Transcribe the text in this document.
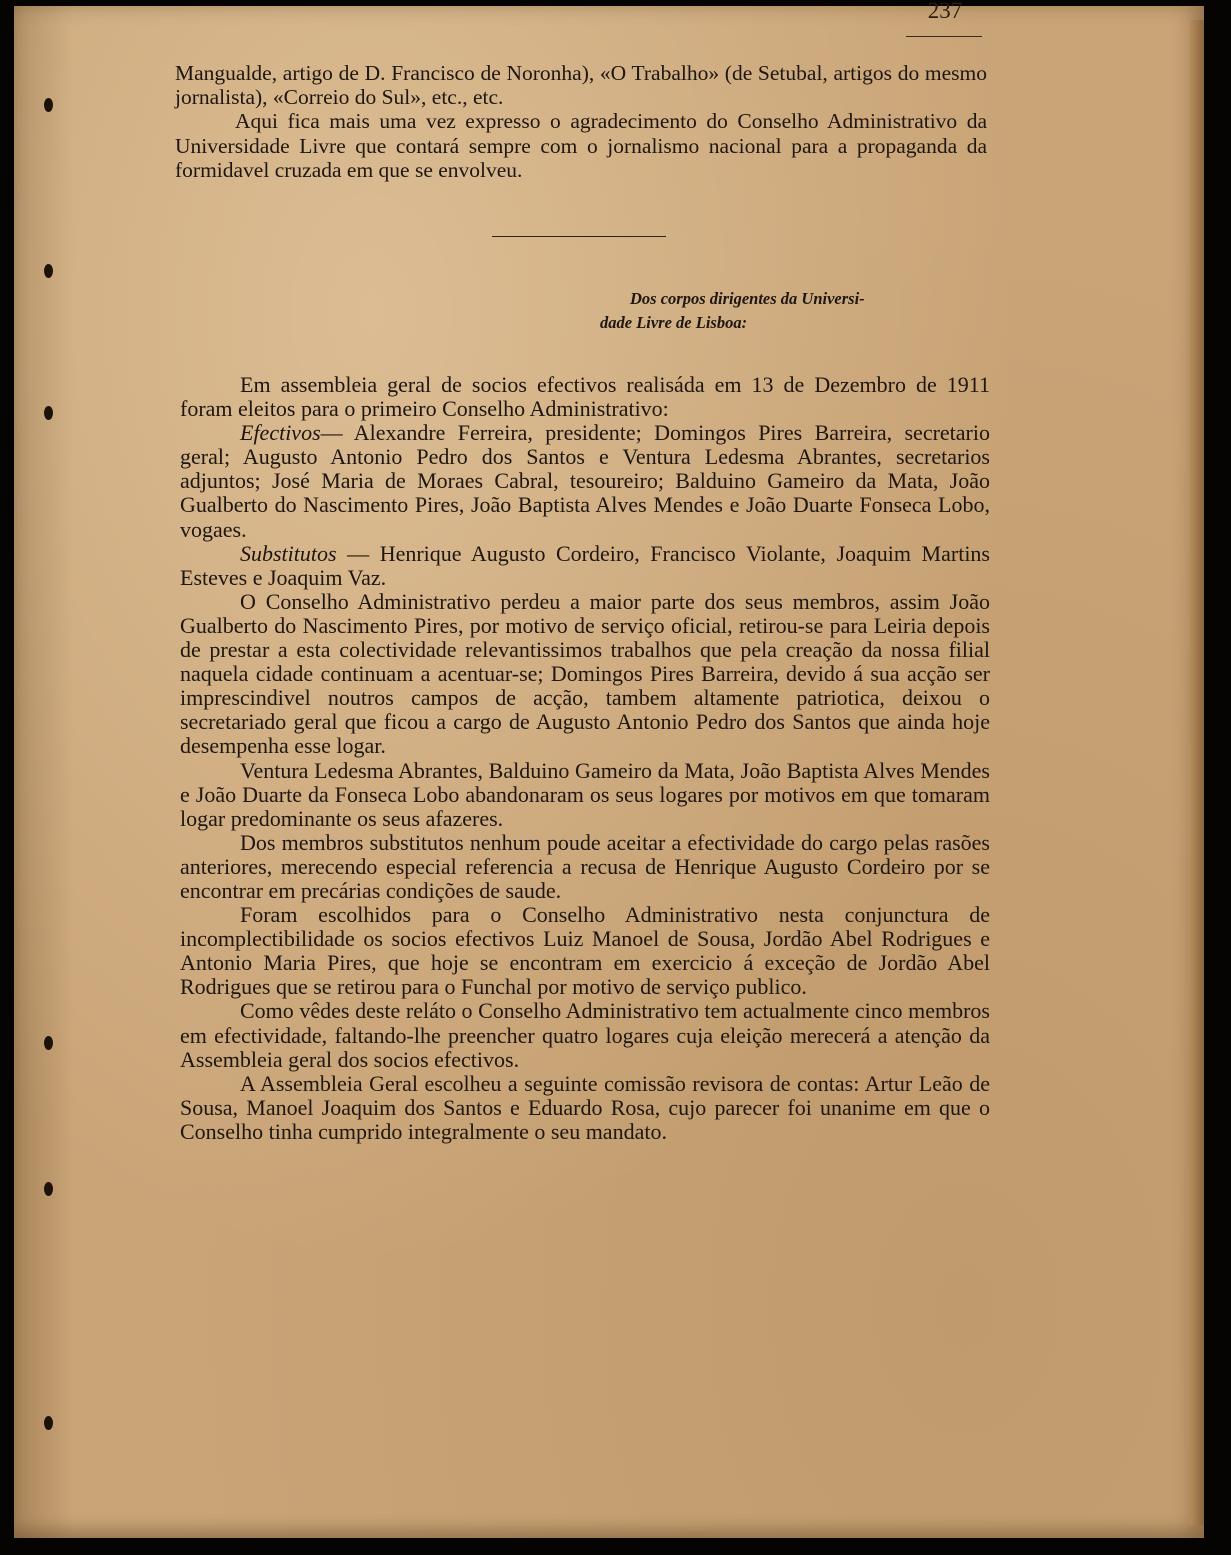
237

Mangualde, artigo de D. Francisco de Noronha), «O Trabalho» (de Setubal, artigos do mesmo jornalista), «Correio do Sul», etc., etc.

Aqui fica mais uma vez expresso o agradecimento do Conselho Administrativo da Universidade Livre que contará sempre com o jornalismo nacional para a propaganda da formidavel cruzada em que se envolveu.

Dos corpos dirigentes da Universi-
dade Livre de Lisboa:

Em assembleia geral de socios efectivos realisáda em 13 de Dezembro de 1911 foram eleitos para o primeiro Conselho Administrativo:

Efectivos— Alexandre Ferreira, presidente; Domingos Pires Barreira, secretario geral; Augusto Antonio Pedro dos Santos e Ventura Ledesma Abrantes, secretarios adjuntos; José Maria de Moraes Cabral, tesoureiro; Balduino Gameiro da Mata, João Gualberto do Nascimento Pires, João Baptista Alves Mendes e João Duarte Fonseca Lobo, vogaes.

Substitutos — Henrique Augusto Cordeiro, Francisco Violante, Joaquim Martins Esteves e Joaquim Vaz.

O Conselho Administrativo perdeu a maior parte dos seus membros, assim João Gualberto do Nascimento Pires, por motivo de serviço oficial, retirou-se para Leiria depois de prestar a esta colectividade relevantissimos trabalhos que pela creação da nossa filial naquela cidade continuam a acentuar-se; Domingos Pires Barreira, devido á sua acção ser imprescindivel noutros campos de acção, tambem altamente patriotica, deixou o secretariado geral que ficou a cargo de Augusto Antonio Pedro dos Santos que ainda hoje desempenha esse logar.

Ventura Ledesma Abrantes, Balduino Gameiro da Mata, João Baptista Alves Mendes e João Duarte da Fonseca Lobo abandonaram os seus logares por motivos em que tomaram logar predominante os seus afazeres.

Dos membros substitutos nenhum poude aceitar a efectividade do cargo pelas rasões anteriores, merecendo especial referencia a recusa de Henrique Augusto Cordeiro por se encontrar em precárias condições de saude.

Foram escolhidos para o Conselho Administrativo nesta conjunctura de incomplectibilidade os socios efectivos Luiz Manoel de Sousa, Jordão Abel Rodrigues e Antonio Maria Pires, que hoje se encontram em exercicio á exceção de Jordão Abel Rodrigues que se retirou para o Funchal por motivo de serviço publico.

Como vêdes deste reláto o Conselho Administrativo tem actualmente cinco membros em efectividade, faltando-lhe preencher quatro logares cuja eleição merecerá a atenção da Assembleia geral dos socios efectivos.

A Assembleia Geral escolheu a seguinte comissão revisora de contas: Artur Leão de Sousa, Manoel Joaquim dos Santos e Eduardo Rosa, cujo parecer foi unanime em que o Conselho tinha cumprido integralmente o seu mandato.
